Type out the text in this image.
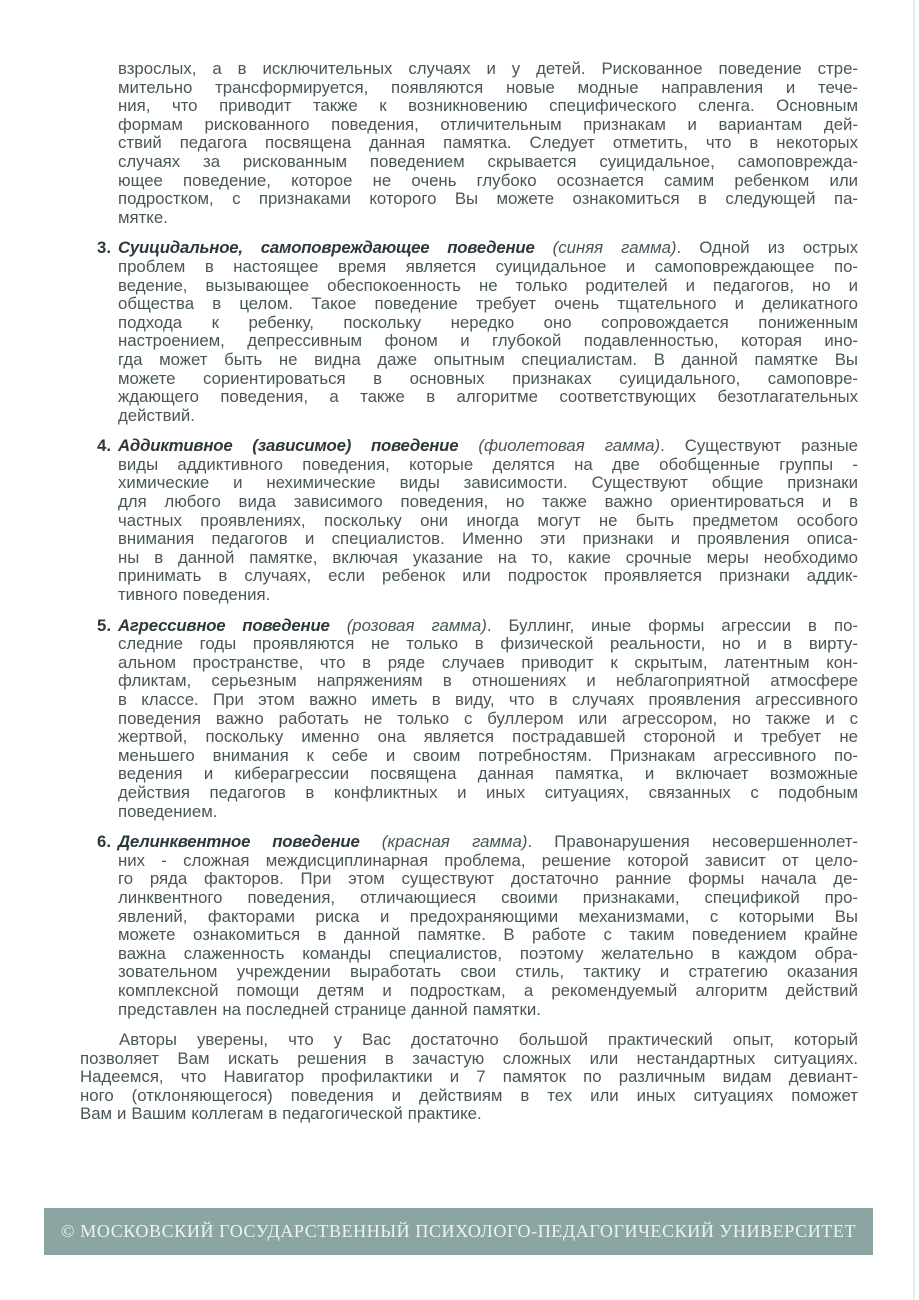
взрослых, а в исключительных случаях и у детей. Рискованное поведение стре-
мительно трансформируется, появляются новые модные направления и тече-
ния, что приводит также к возникновению специфического сленга. Основным
формам рискованного поведения, отличительным признакам и вариантам дей-
ствий педагога посвящена данная памятка. Следует отметить, что в некоторых
случаях за рискованным поведением скрывается суицидальное, самоповрежда-
ющее поведение, которое не очень глубоко осознается самим ребенком или
подростком, с признаками которого Вы можете ознакомиться в следующей па-
мятке.
3. Суицидальное, самоповреждающее поведение (синяя гамма). Одной из острых
проблем в настоящее время является суицидальное и самоповреждающее по-
ведение, вызывающее обеспокоенность не только родителей и педагогов, но и
общества в целом. Такое поведение требует очень тщательного и деликатного
подхода к ребенку, поскольку нередко оно сопровождается пониженным
настроением, депрессивным фоном и глубокой подавленностью, которая ино-
гда может быть не видна даже опытным специалистам. В данной памятке Вы
можете сориентироваться в основных признаках суицидального, самоповре-
ждающего поведения, а также в алгоритме соответствующих безотлагательных
действий.
4. Аддиктивное (зависимое) поведение (фиолетовая гамма). Существуют разные
виды аддиктивного поведения, которые делятся на две обобщенные группы -
химические и нехимические виды зависимости. Существуют общие признаки
для любого вида зависимого поведения, но также важно ориентироваться и в
частных проявлениях, поскольку они иногда могут не быть предметом особого
внимания педагогов и специалистов. Именно эти признаки и проявления описа-
ны в данной памятке, включая указание на то, какие срочные меры необходимо
принимать в случаях, если ребенок или подросток проявляется признаки аддик-
тивного поведения.
5. Агрессивное поведение (розовая гамма). Буллинг, иные формы агрессии в по-
следние годы проявляются не только в физической реальности, но и в вирту-
альном пространстве, что в ряде случаев приводит к скрытым, латентным кон-
фликтам, серьезным напряжениям в отношениях и неблагоприятной атмосфере
в классе. При этом важно иметь в виду, что в случаях проявления агрессивного
поведения важно работать не только с буллером или агрессором, но также и с
жертвой, поскольку именно она является пострадавшей стороной и требует не
меньшего внимания к себе и своим потребностям. Признакам агрессивного по-
ведения и киберагрессии посвящена данная памятка, и включает возможные
действия педагогов в конфликтных и иных ситуациях, связанных с подобным
поведением.
6. Делинквентное поведение (красная гамма). Правонарушения несовершеннолет-
них - сложная междисциплинарная проблема, решение которой зависит от цело-
го ряда факторов. При этом существуют достаточно ранние формы начала де-
линквентного поведения, отличающиеся своими признаками, спецификой про-
явлений, факторами риска и предохраняющими механизмами, с которыми Вы
можете ознакомиться в данной памятке. В работе с таким поведением крайне
важна слаженность команды специалистов, поэтому желательно в каждом обра-
зовательном учреждении выработать свои стиль, тактику и стратегию оказания
комплексной помощи детям и подросткам, а рекомендуемый алгоритм действий
представлен на последней странице данной памятки.
Авторы уверены, что у Вас достаточно большой практический опыт, который
позволяет Вам искать решения в зачастую сложных или нестандартных ситуациях.
Надеемся, что Навигатор профилактики и 7 памяток по различным видам девиант-
ного (отклоняющегося) поведения и действиям в тех или иных ситуациях поможет
Вам и Вашим коллегам в педагогической практике.
© МОСКОВСКИЙ ГОСУДАРСТВЕННЫЙ ПСИХОЛОГО-ПЕДАГОГИЧЕСКИЙ УНИВЕРСИТЕТ
